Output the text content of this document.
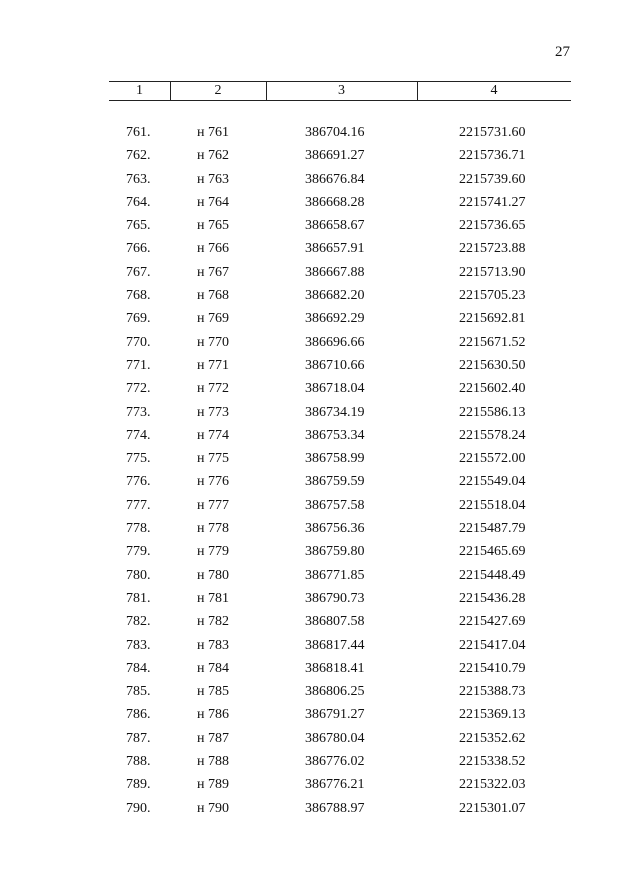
27
1	2	3	4
761.	н 761	386704.16	2215731.60
762.	н 762	386691.27	2215736.71
763.	н 763	386676.84	2215739.60
764.	н 764	386668.28	2215741.27
765.	н 765	386658.67	2215736.65
766.	н 766	386657.91	2215723.88
767.	н 767	386667.88	2215713.90
768.	н 768	386682.20	2215705.23
769.	н 769	386692.29	2215692.81
770.	н 770	386696.66	2215671.52
771.	н 771	386710.66	2215630.50
772.	н 772	386718.04	2215602.40
773.	н 773	386734.19	2215586.13
774.	н 774	386753.34	2215578.24
775.	н 775	386758.99	2215572.00
776.	н 776	386759.59	2215549.04
777.	н 777	386757.58	2215518.04
778.	н 778	386756.36	2215487.79
779.	н 779	386759.80	2215465.69
780.	н 780	386771.85	2215448.49
781.	н 781	386790.73	2215436.28
782.	н 782	386807.58	2215427.69
783.	н 783	386817.44	2215417.04
784.	н 784	386818.41	2215410.79
785.	н 785	386806.25	2215388.73
786.	н 786	386791.27	2215369.13
787.	н 787	386780.04	2215352.62
788.	н 788	386776.02	2215338.52
789.	н 789	386776.21	2215322.03
790.	н 790	386788.97	2215301.07
